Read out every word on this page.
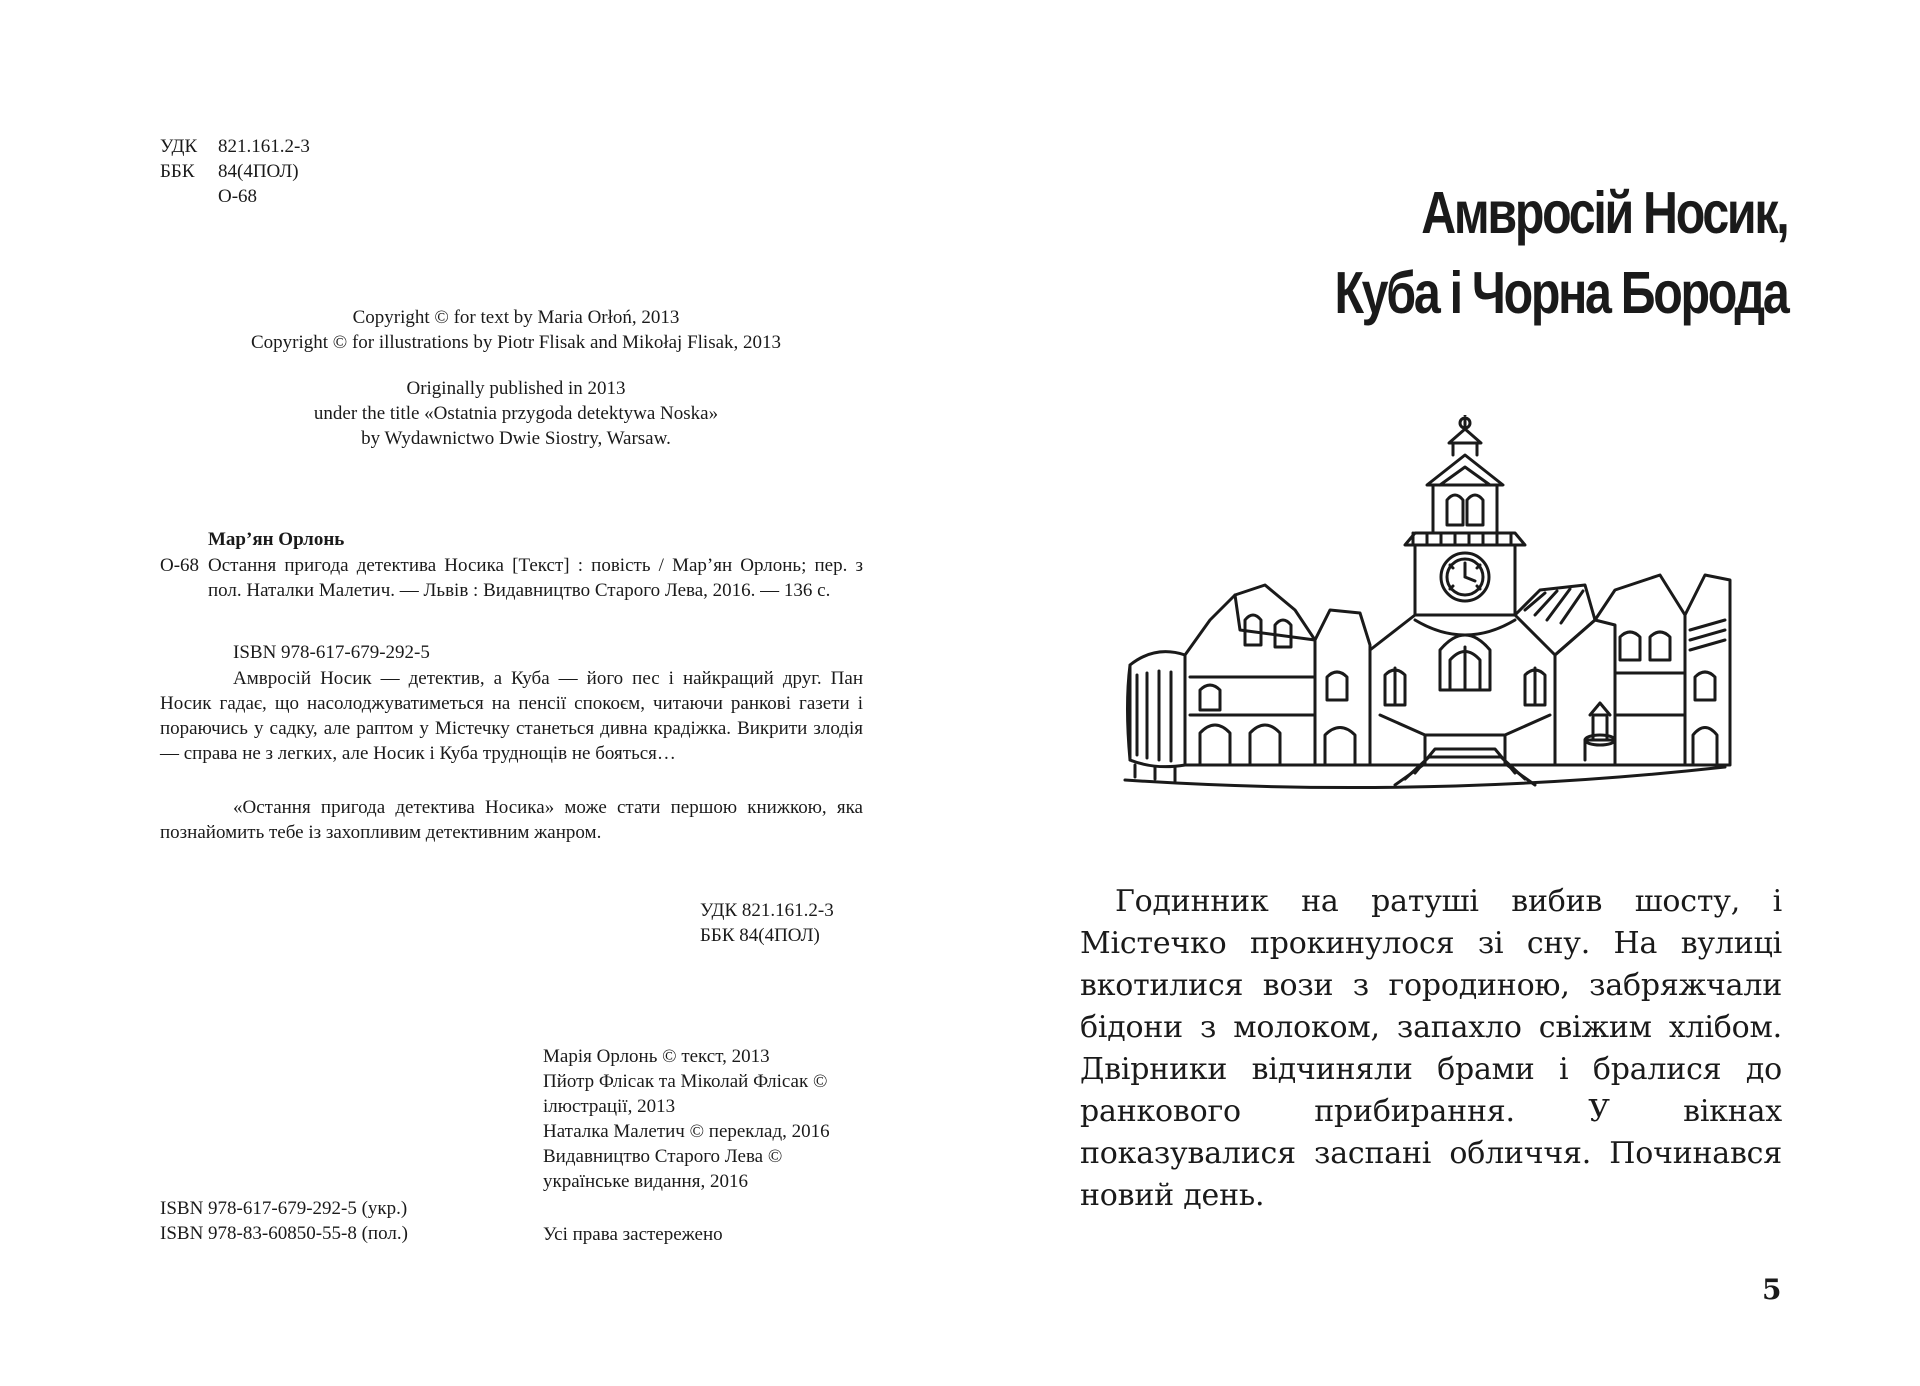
УДК 821.161.2-3
ББК 84(4ПОЛ)
О-68
Copyright © for text by Maria Orłoń, 2013
Copyright © for illustrations by Piotr Flisak and Mikołaj Flisak, 2013
Originally published in 2013
under the title «Ostatnia przygoda detektywa Noska»
by Wydawnictwo Dwie Siostry, Warsaw.
Мар’ян Орлонь
О-68 Остання пригода детектива Носика [Текст] : повість / Мар’ян Орлонь; пер. з пол. Наталки Малетич. — Львів : Видавництво Старого Лева, 2016. — 136 с.
ISBN 978-617-679-292-5
Амвросій Носик — детектив, а Куба — його пес і найкращий друг. Пан Носик гадає, що насолоджуватиметься на пенсії спокоєм, читаючи ранкові газети і пораючись у садку, але раптом у Містечку станеться дивна крадіжка. Викрити злодія — справа не з легких, але Носик і Куба труднощів не бояться…
«Остання пригода детектива Носика» може стати першою книжкою, яка познайомить тебе із захопливим детективним жанром.
УДК 821.161.2-3
ББК 84(4ПОЛ)
Марія Орлонь © текст, 2013
Пйотр Флісак та Міколай Флісак ©
ілюстрації, 2013
Наталка Малетич © переклад, 2016
Видавництво Старого Лева ©
українське видання, 2016
ISBN 978-617-679-292-5 (укр.)
ISBN 978-83-60850-55-8 (пол.)	Усі права застережено
Амвросій Носик,
Куба і Чорна Борода
Годинник на ратуші вибив шосту, і Містечко прокинулося зі сну. На вулиці вкотилися вози з городиною, забряжчали бідони з молоком, запахло свіжим хлібом. Двірники відчиняли брами і бралися до ранкового прибирання. У вікнах показувалися заспані обличчя. Починався новий день.
5
